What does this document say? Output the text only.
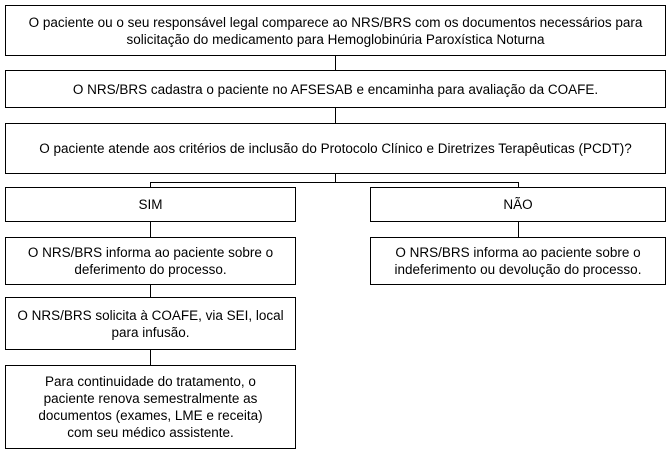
O paciente ou o seu responsável legal comparece ao NRS/BRS com os documentos necessários para solicitação do medicamento para Hemoglobinúria Paroxística Noturna
O NRS/BRS cadastra o paciente no AFSESAB e encaminha para avaliação da COAFE.
O paciente atende aos critérios de inclusão do Protocolo Clínico e Diretrizes Terapêuticas (PCDT)?
SIM	NÃO
O NRS/BRS informa ao paciente sobre o deferimento do processo.
O NRS/BRS informa ao paciente sobre o indeferimento ou devolução do processo.
O NRS/BRS solicita à COAFE, via SEI, local para infusão.
Para continuidade do tratamento, o paciente renova semestralmente as documentos (exames, LME e receita) com seu médico assistente.
